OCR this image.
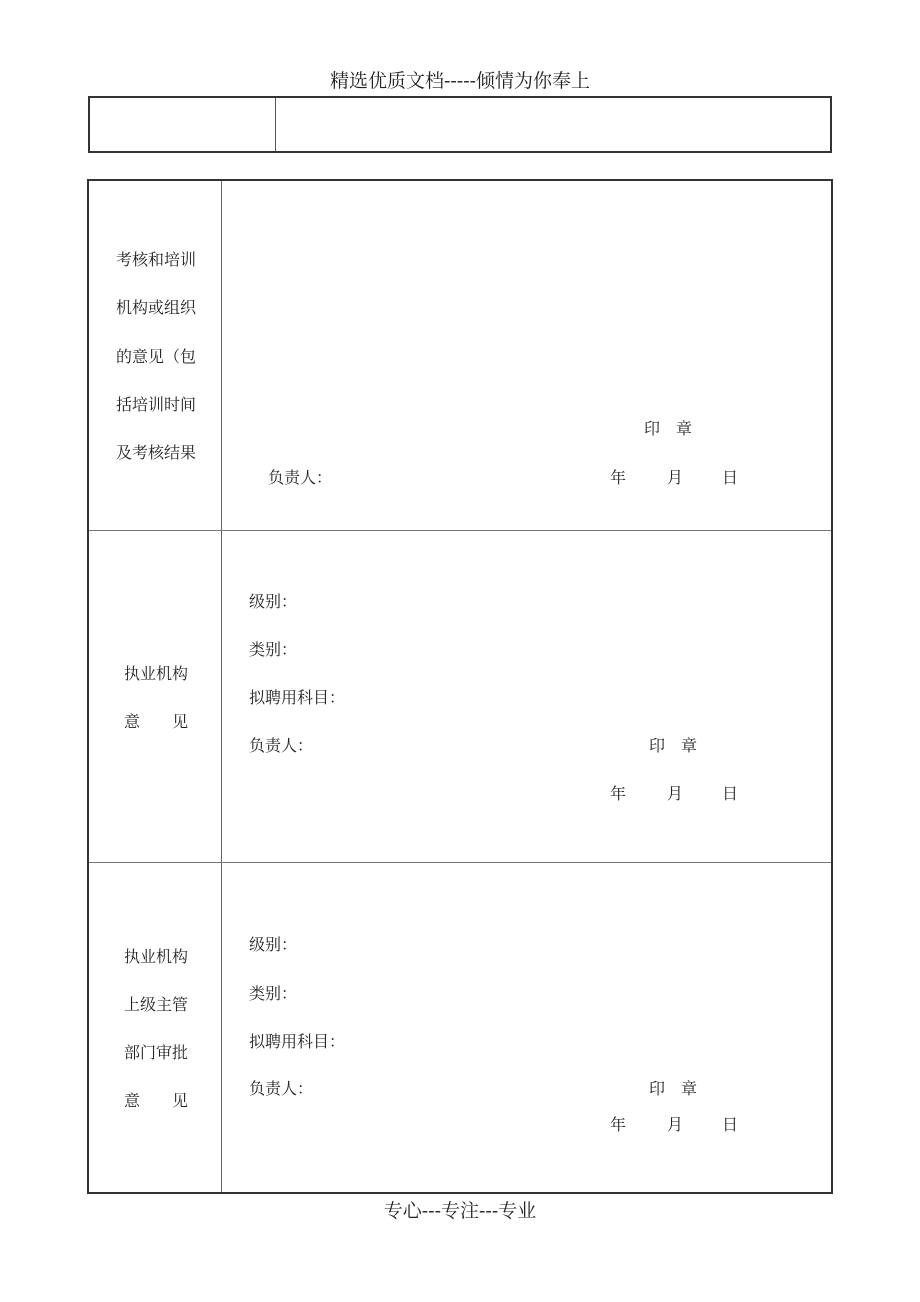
精选优质文档-----倾情为你奉上
考核和培训
机构或组织
的意见（包
括培训时间
及考核结果
印　章
负责人：	年	月 日
执业机构
意　　见
级别：
类别：
拟聘用科目：
负责人：	印　章
年	月 日
执业机构
上级主管
部门审批
意　　见
级别：
类别：
拟聘用科目：
负责人：	印　章
年	月 日
专心---专注---专业
